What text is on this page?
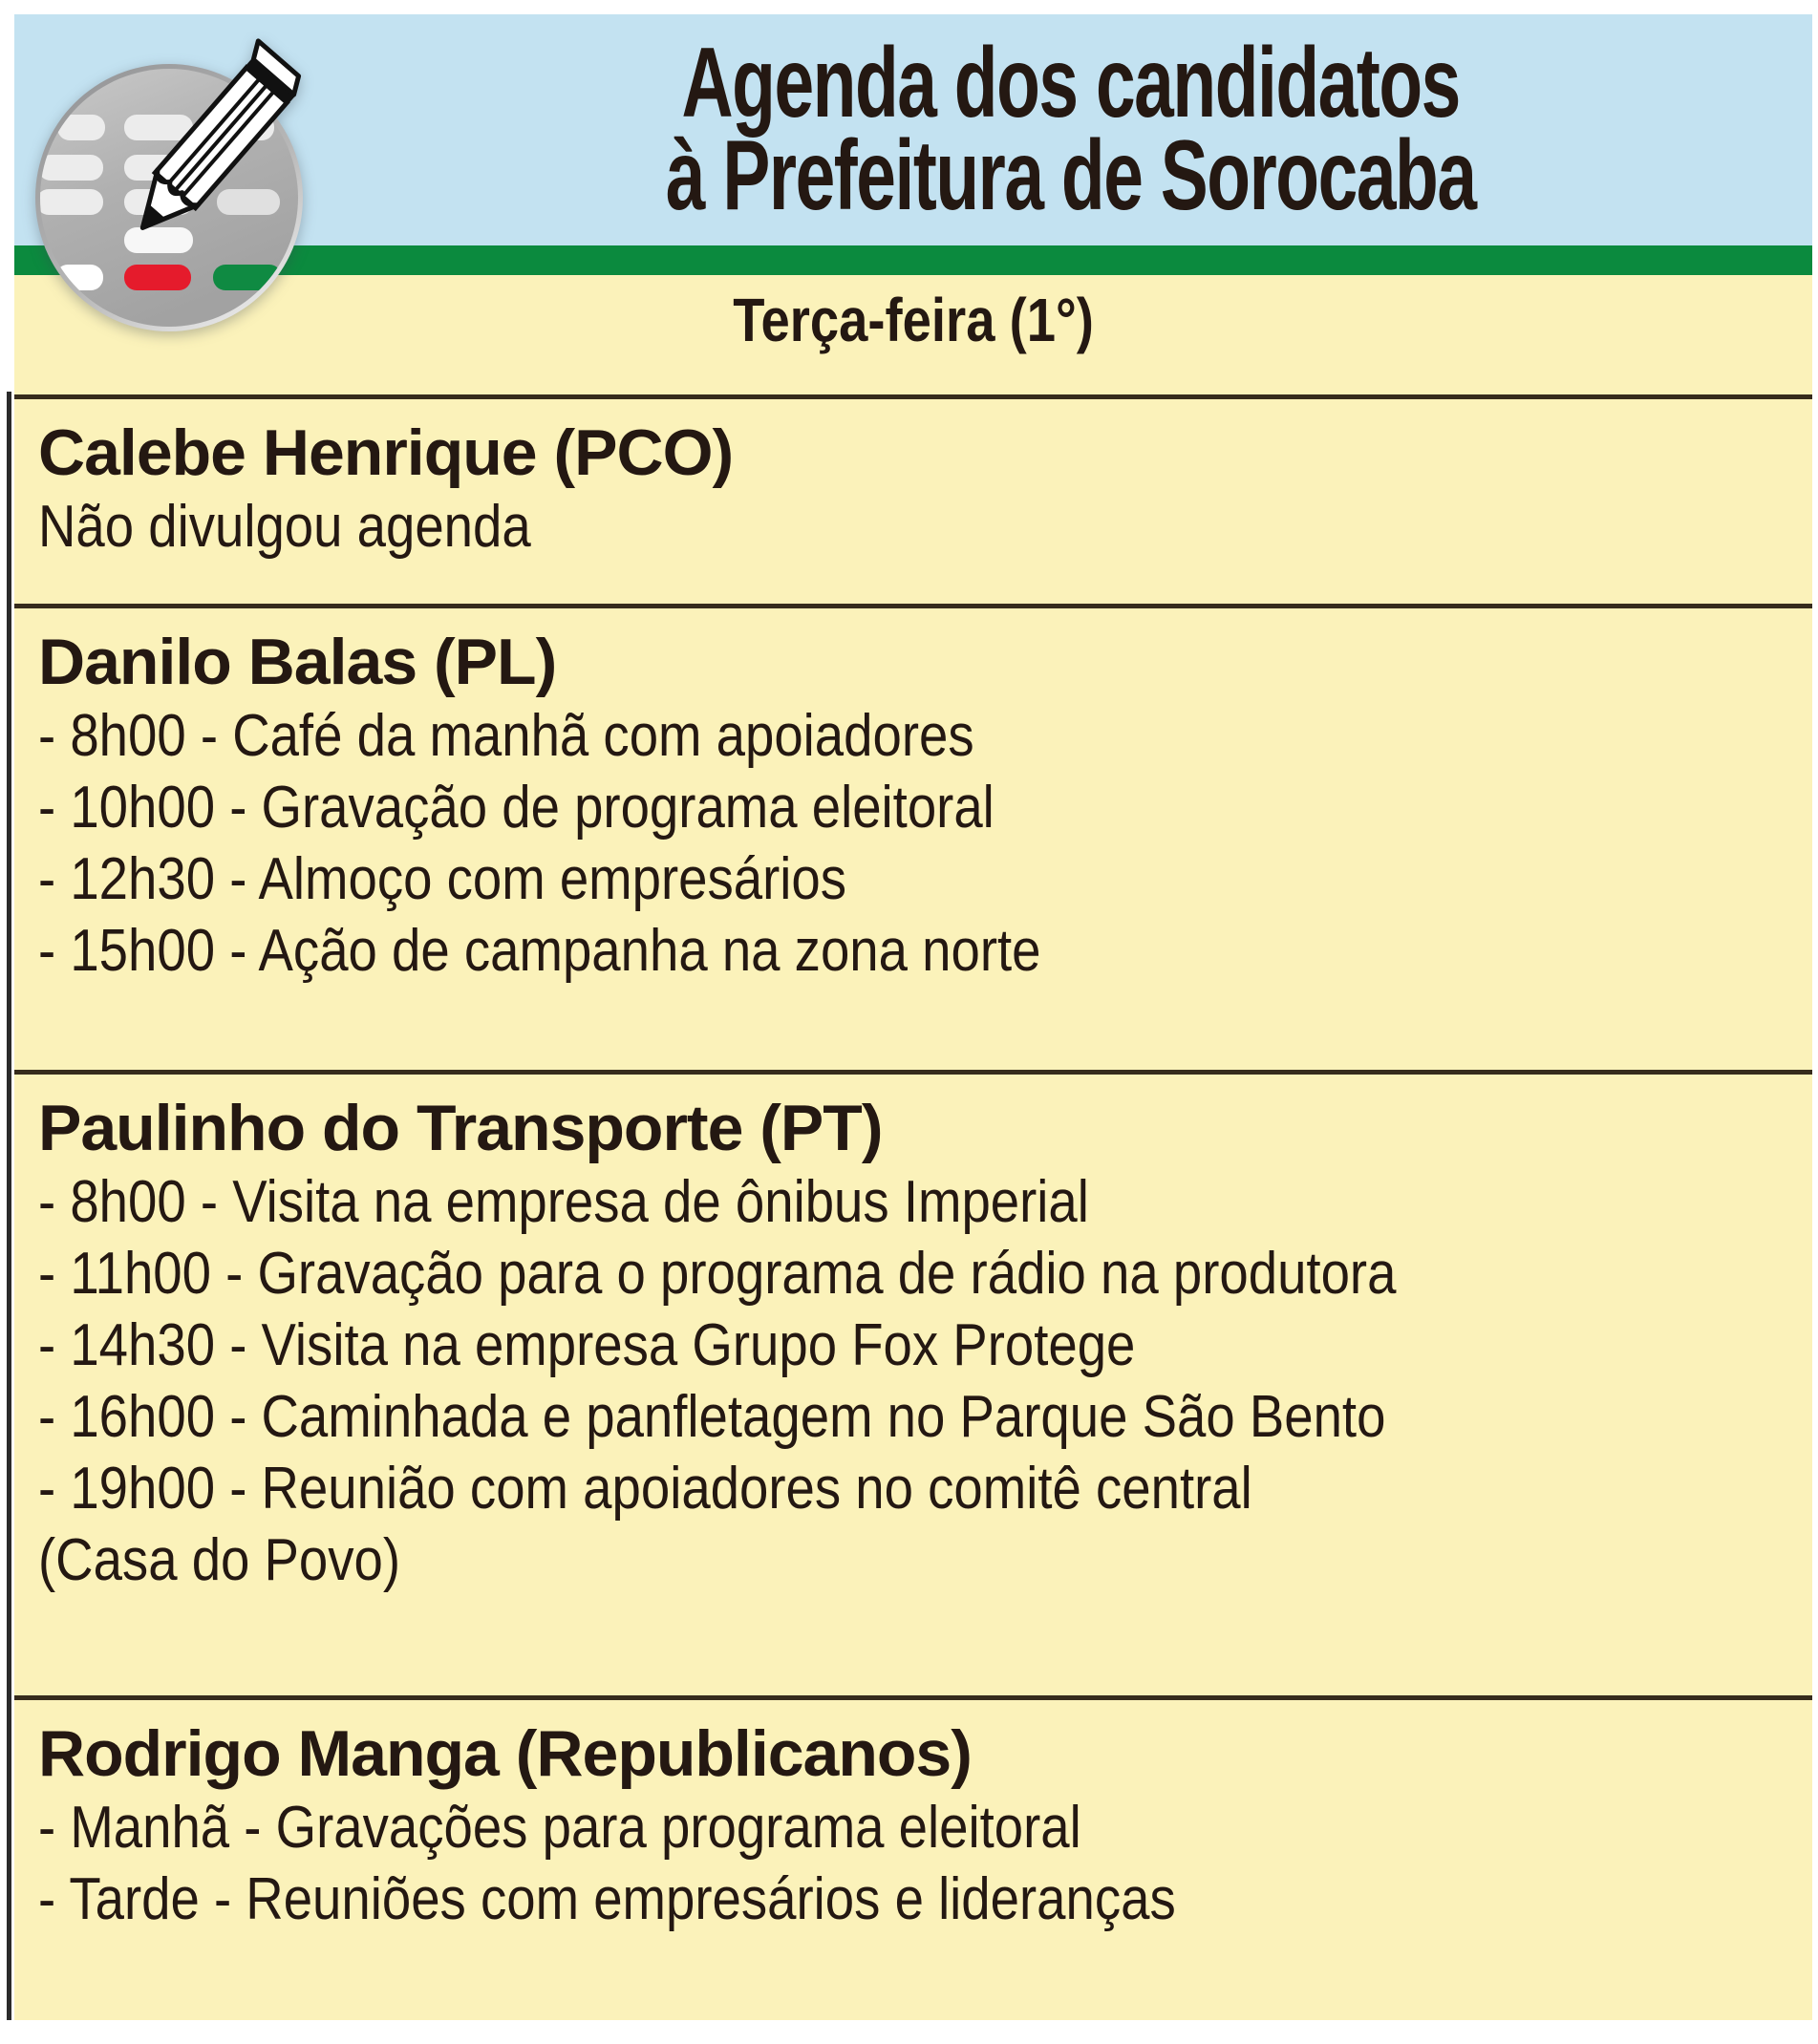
Agenda dos candidatos
à Prefeitura de Sorocaba
Terça-feira (1°)
Calebe Henrique (PCO)
Não divulgou agenda
Danilo Balas (PL)
- 8h00 - Café da manhã com apoiadores
- 10h00 - Gravação de programa eleitoral
- 12h30 - Almoço com empresários
- 15h00 - Ação de campanha na zona norte
Paulinho do Transporte (PT)
- 8h00 - Visita na empresa de ônibus Imperial
- 11h00 - Gravação para o programa de rádio na produtora
- 14h30 - Visita na empresa Grupo Fox Protege
- 16h00 - Caminhada e panfletagem no Parque São Bento
- 19h00 - Reunião com apoiadores no comitê central
(Casa do Povo)
Rodrigo Manga (Republicanos)
- Manhã - Gravações para programa eleitoral
- Tarde - Reuniões com empresários e lideranças
